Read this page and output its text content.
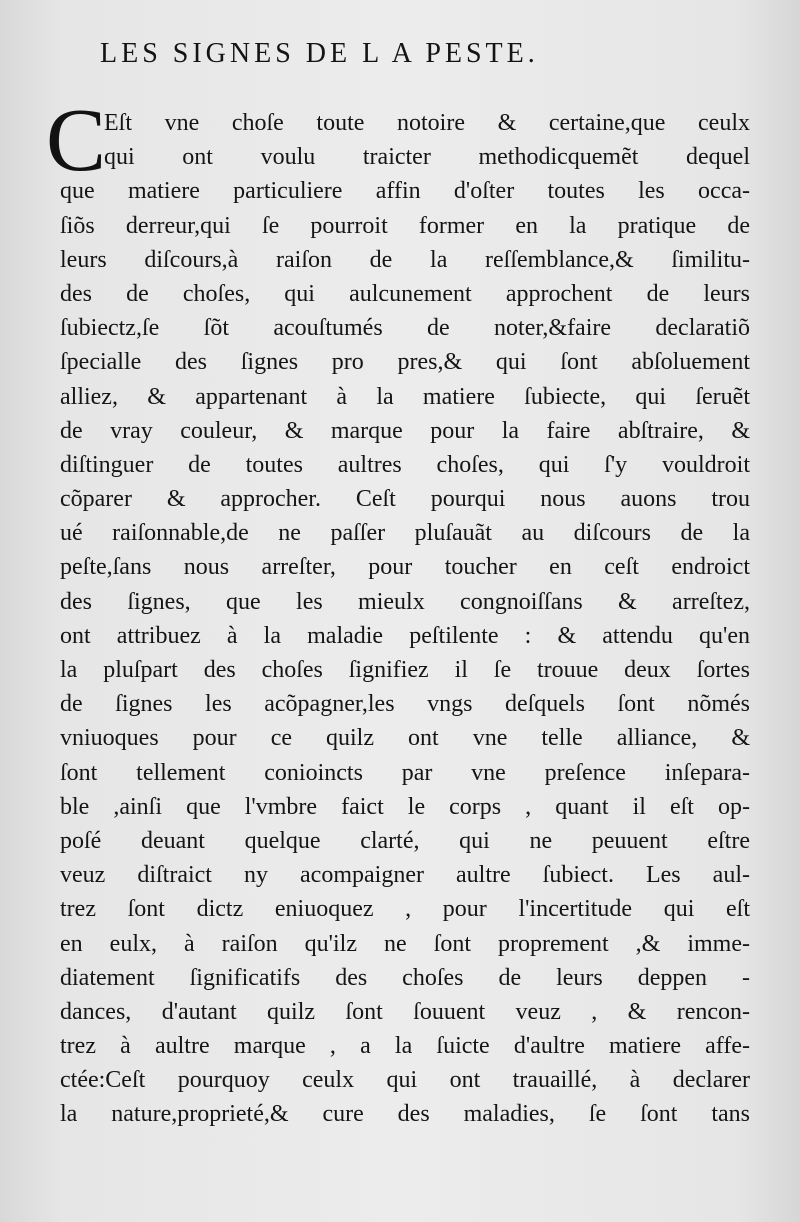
LES SIGNES DE L A PESTE.
C
Eſt vne choſe toute notoire & certaine,que ceulx
qui ont voulu traicter methodicquemẽt dequel
que matiere particuliere affin d'oſter toutes les occa-
ſiõs derreur,qui ſe pourroit former en la pratique de
leurs diſcours,à raiſon de la reſſemblance,& ſimilitu-
des de choſes, qui aulcunement approchent de leurs
ſubiectz,ſe ſõt acouſtumés de noter,&faire declaratiõ
ſpecialle des ſignes pro pres,& qui ſont abſoluement
alliez, & appartenant à la matiere ſubiecte, qui ſeruẽt
de vray couleur, & marque pour la faire abſtraire, &
diſtinguer de toutes aultres choſes, qui ſ'y vouldroit
cõparer & approcher. Ceſt pourqui nous auons trou
ué raiſonnable,de ne paſſer pluſauãt au diſcours de la
peſte,ſans nous arreſter, pour toucher en ceſt endroict
des ſignes, que les mieulx congnoiſſans & arreſtez,
ont attribuez à la maladie peſtilente : & attendu qu'en
la pluſpart des choſes ſignifiez il ſe trouue deux ſortes
de ſignes les acõpagner,les vngs deſquels ſont nõmés
vniuoques pour ce quilz ont vne telle alliance, &
ſont tellement conioincts par vne preſence inſepara-
ble ,ainſi que l'vmbre faict le corps , quant il eſt op-
poſé deuant quelque clarté, qui ne peuuent eſtre
veuz diſtraict ny acompaigner aultre ſubiect. Les aul-
trez ſont dictz eniuoquez , pour l'incertitude qui eſt
en eulx, à raiſon qu'ilz ne ſont proprement ,& imme-
diatement ſignificatifs des choſes de leurs deppen -
dances, d'autant quilz ſont ſouuent veuz , & rencon-
trez à aultre marque , a la ſuicte d'aultre matiere affe-
ctée:Ceſt pourquoy ceulx qui ont trauaillé, à declarer
la nature,proprieté,& cure des maladies, ſe ſont tans
